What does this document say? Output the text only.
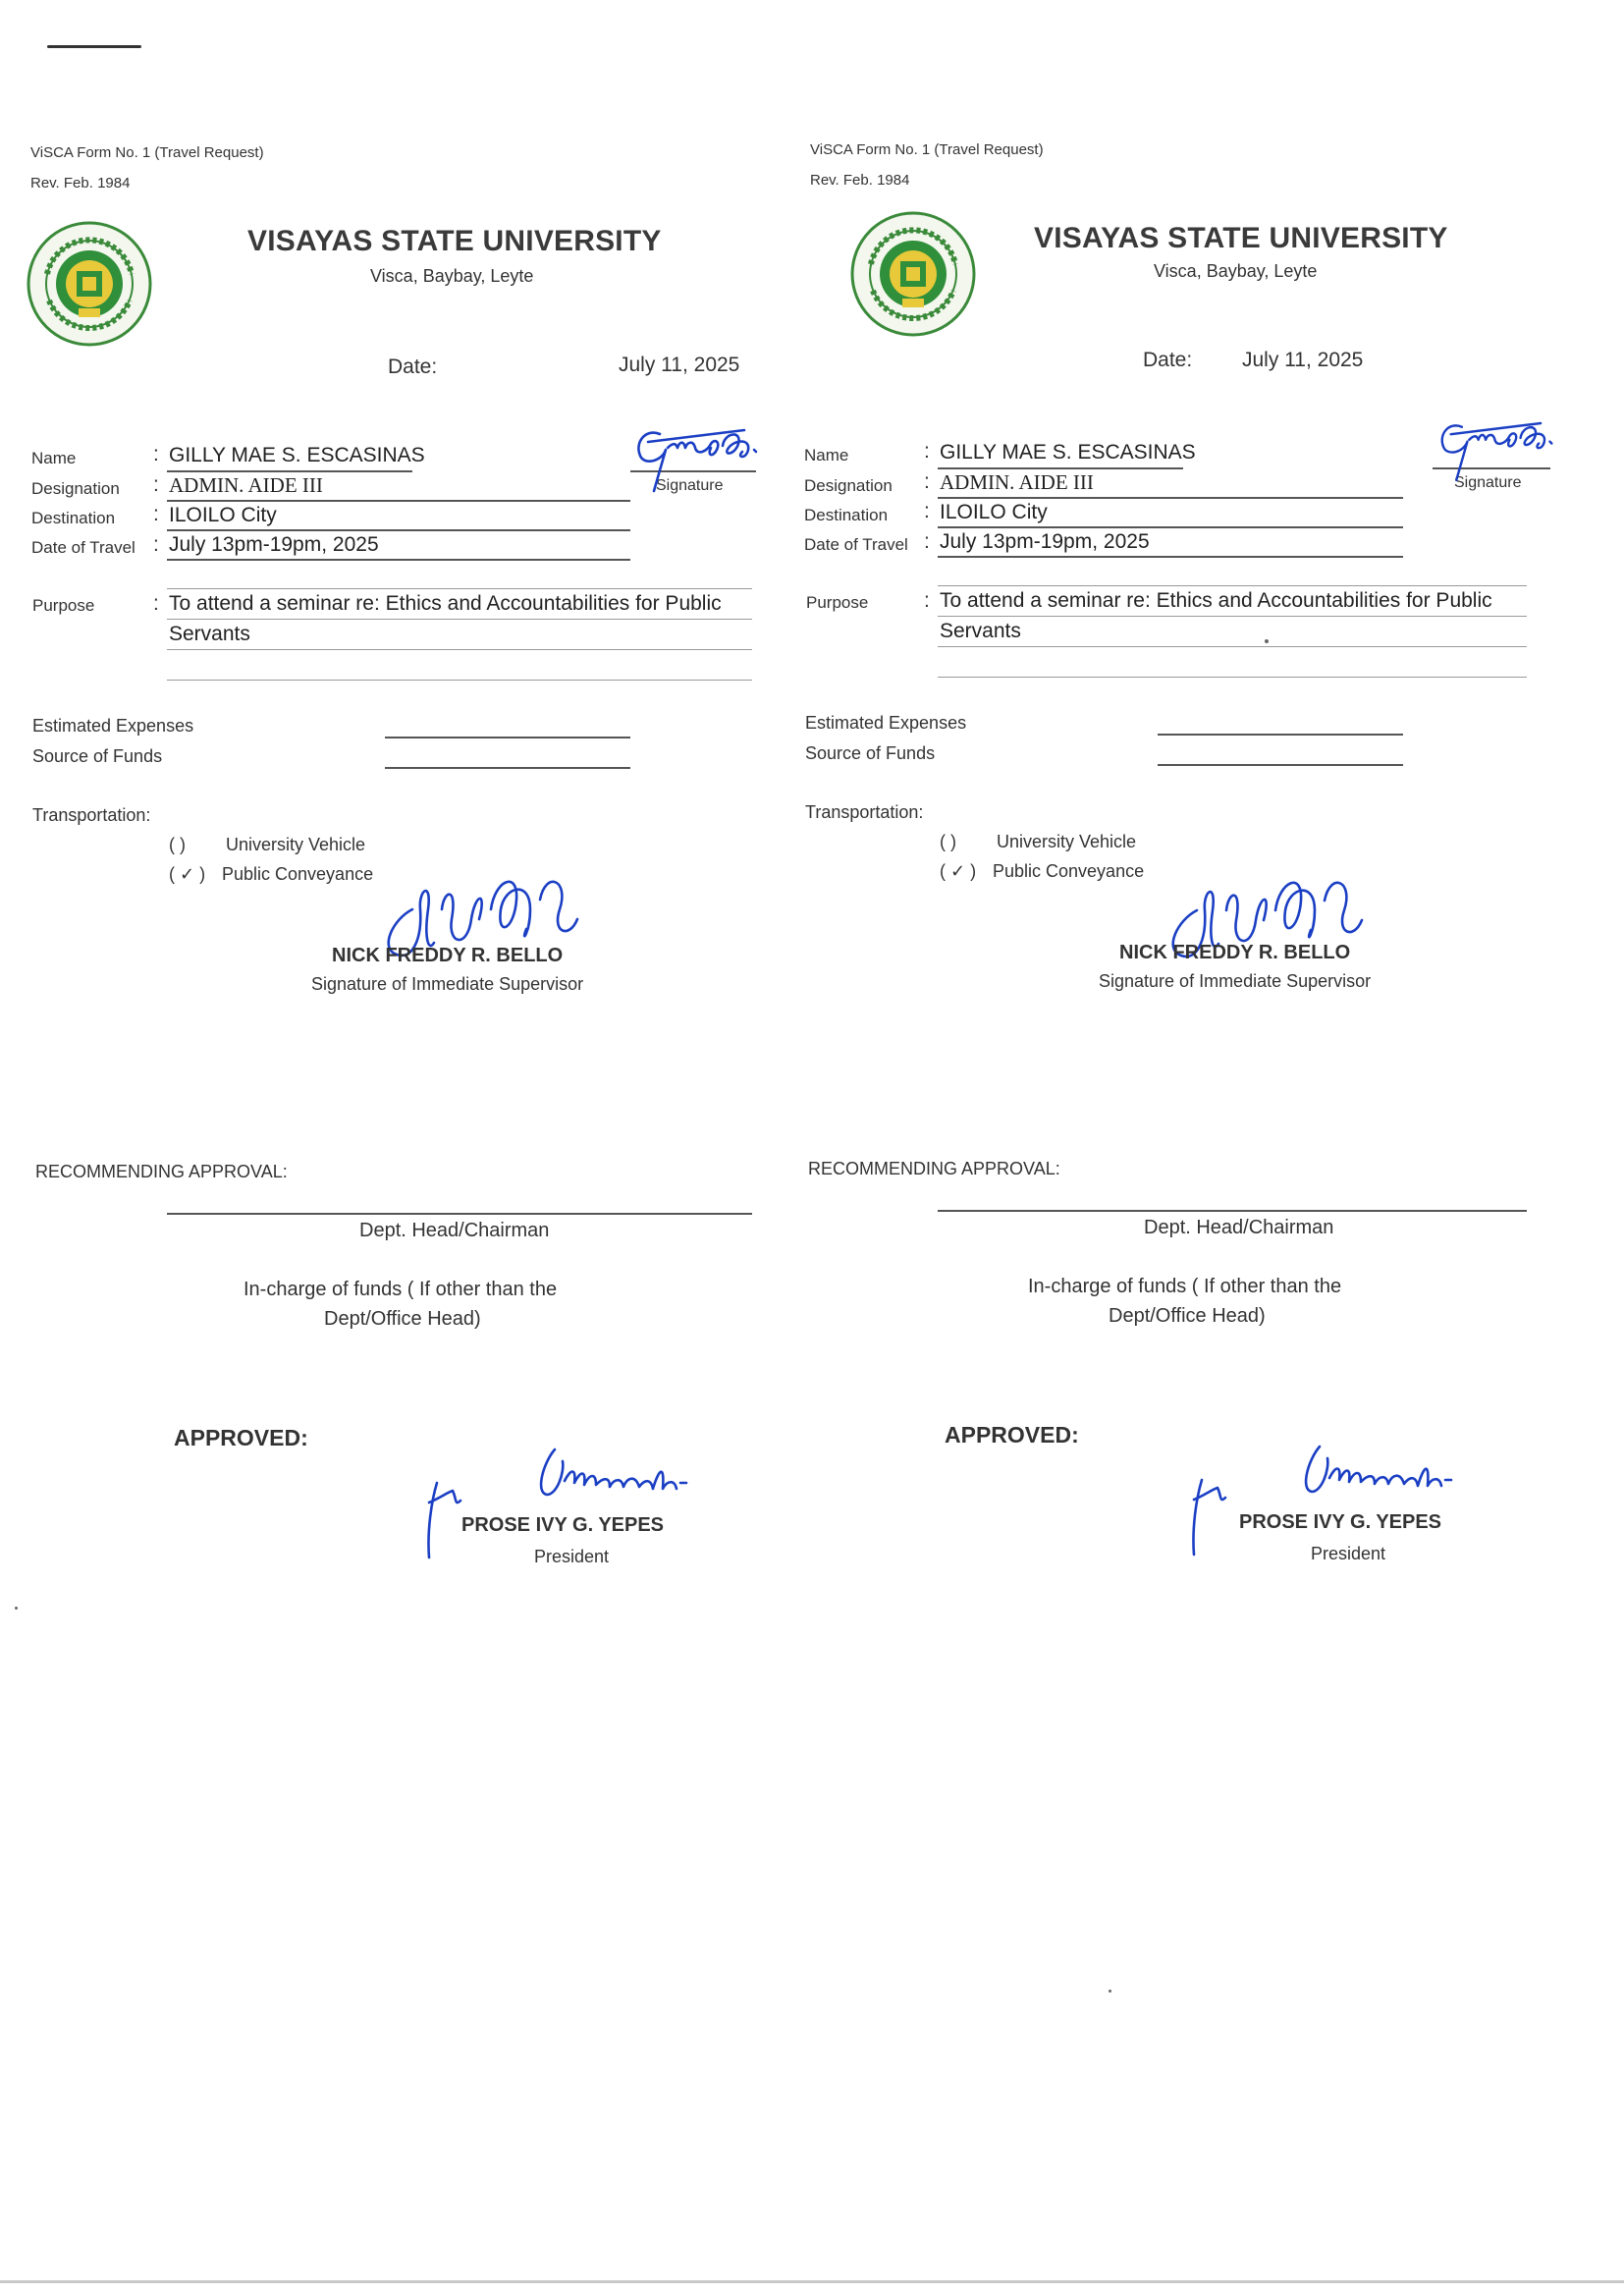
ViSCA Form No. 1 (Travel Request)
Rev. Feb. 1984
VISAYAS STATE UNIVERSITY
Visca, Baybay, Leyte
Date:	July 11, 2025
Name	: GILLY MAE S. ESCASINAS
Designation : ADMIN. AIDE III
Destination : ILOILO City
Date of Travel : July 13pm-19pm, 2025
Signature
Purpose	: To attend a seminar re: Ethics and Accountabilities for Public
Servants
Estimated Expenses
Source of Funds
Transportation:
( ) University Vehicle
( ✓ ) Public Conveyance
NICK FREDDY R. BELLO
Signature of Immediate Supervisor
RECOMMENDING APPROVAL:
Dept. Head/Chairman
In-charge of funds ( If other than the
Dept/Office Head)
APPROVED:
PROSE IVY G. YEPES
President
ViSCA Form No. 1 (Travel Request)
Rev. Feb. 1984
VISAYAS STATE UNIVERSITY
Visca, Baybay, Leyte
Date: July 11, 2025
Name	: GILLY MAE S. ESCASINAS
Designation : ADMIN. AIDE III
Destination : ILOILO City
Date of Travel : July 13pm-19pm, 2025
Signature
Purpose	: To attend a seminar re: Ethics and Accountabilities for Public
Servants
Estimated Expenses
Source of Funds
Transportation:
( ) University Vehicle
( ✓ ) Public Conveyance
NICK FREDDY R. BELLO
Signature of Immediate Supervisor
RECOMMENDING APPROVAL:
Dept. Head/Chairman
In-charge of funds ( If other than the
Dept/Office Head)
APPROVED:
PROSE IVY G. YEPES
President
